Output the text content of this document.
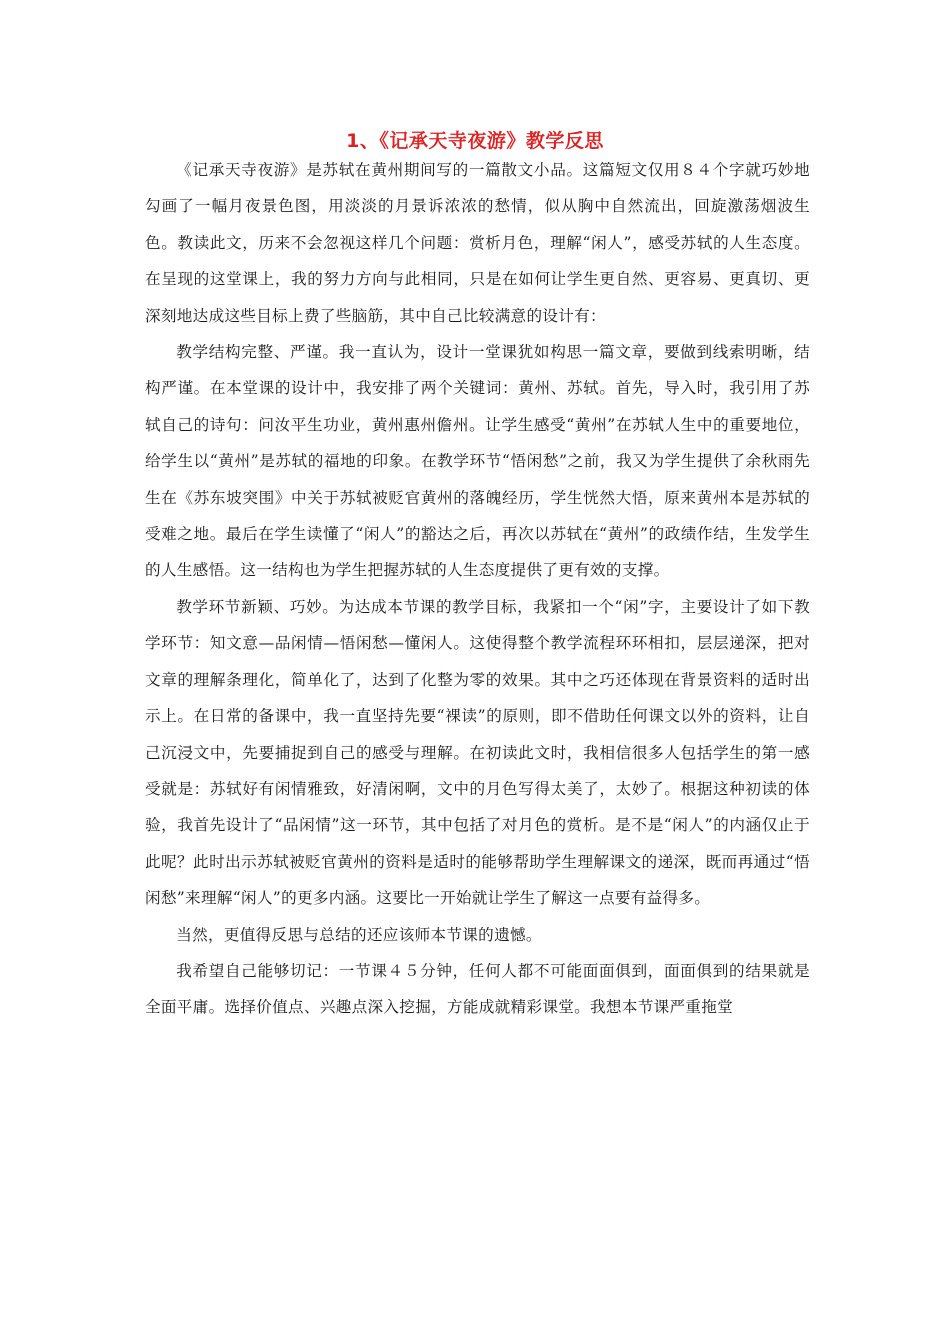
1、《记承天寺夜游》教学反思

《记承天寺夜游》是苏轼在黄州期间写的一篇散文小品。这篇短文仅用８４个字就巧妙地勾画了一幅月夜景色图，用淡淡的月景诉浓浓的愁情，似从胸中自然流出，回旋激荡烟波生色。教读此文，历来不会忽视这样几个问题：赏析月色，理解“闲人”，感受苏轼的人生态度。在呈现的这堂课上，我的努力方向与此相同，只是在如何让学生更自然、更容易、更真切、更深刻地达成这些目标上费了些脑筋，其中自己比较满意的设计有：

教学结构完整、严谨。我一直认为，设计一堂课犹如构思一篇文章，要做到线索明晰，结构严谨。在本堂课的设计中，我安排了两个关键词：黄州、苏轼。首先，导入时，我引用了苏轼自己的诗句：问汝平生功业，黄州惠州儋州。让学生感受“黄州”在苏轼人生中的重要地位，给学生以“黄州”是苏轼的福地的印象。在教学环节“悟闲愁”之前，我又为学生提供了余秋雨先生在《苏东坡突围》中关于苏轼被贬官黄州的落魄经历，学生恍然大悟，原来黄州本是苏轼的受难之地。最后在学生读懂了“闲人”的豁达之后，再次以苏轼在“黄州”的政绩作结，生发学生的人生感悟。这一结构也为学生把握苏轼的人生态度提供了更有效的支撑。

教学环节新颖、巧妙。为达成本节课的教学目标，我紧扣一个“闲”字，主要设计了如下教学环节：知文意—品闲情—悟闲愁—懂闲人。这使得整个教学流程环环相扣，层层递深，把对文章的理解条理化，简单化了，达到了化整为零的效果。其中之巧还体现在背景资料的适时出示上。在日常的备课中，我一直坚持先要“裸读”的原则，即不借助任何课文以外的资料，让自己沉浸文中，先要捕捉到自己的感受与理解。在初读此文时，我相信很多人包括学生的第一感受就是：苏轼好有闲情雅致，好清闲啊，文中的月色写得太美了，太妙了。根据这种初读的体验，我首先设计了“品闲情”这一环节，其中包括了对月色的赏析。是不是“闲人”的内涵仅止于此呢？此时出示苏轼被贬官黄州的资料是适时的能够帮助学生理解课文的递深，既而再通过“悟闲愁”来理解“闲人”的更多内涵。这要比一开始就让学生了解这一点要有益得多。

当然，更值得反思与总结的还应该师本节课的遗憾。

我希望自己能够切记：一节课４５分钟，任何人都不可能面面俱到，面面俱到的结果就是全面平庸。选择价值点、兴趣点深入挖掘，方能成就精彩课堂。我想本节课严重拖堂
